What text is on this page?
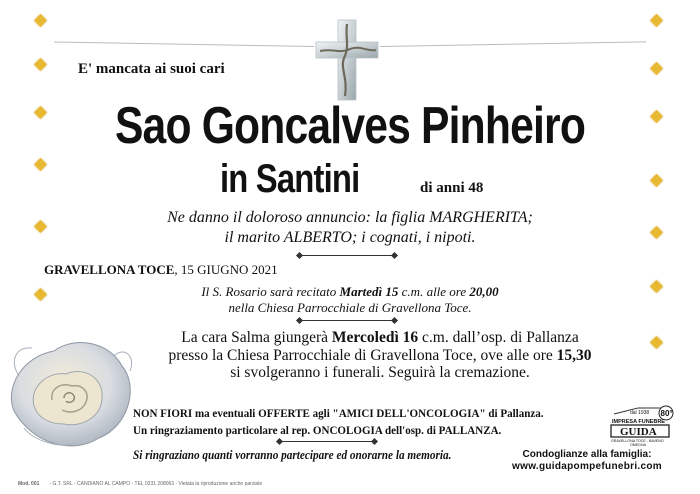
E' mancata ai suoi cari
Sao Goncalves Pinheiro
in Santini	di anni 48
Ne danno il doloroso annuncio: la figlia MARGHERITA;
il marito ALBERTO; i cognati, i nipoti.
GRAVELLONA TOCE, 15 GIUGNO 2021
Il S. Rosario sarà recitato Martedì 15 c.m. alle ore 20,00
nella Chiesa Parrocchiale di Gravellona Toce.
La cara Salma giungerà Mercoledì 16 c.m. dall’osp. di Pallanza
presso la Chiesa Parrocchiale di Gravellona Toce, ove alle ore 15,30
si svolgeranno i funerali. Seguirà la cremazione.
NON FIORI ma eventuali OFFERTE agli "AMICI DELL'ONCOLOGIA" di Pallanza.
Un ringraziamento particolare al rep. ONCOLOGIA dell'osp. di PALLANZA.
Si ringraziano quanti vorranno partecipare ed onorarne la memoria.
dal 1938 80°
IMPRESA FUNEBRE
GUIDA
GRAVELLONA TOCE - BAVENO
OMEGNA
Condoglianze alla famiglia:
www.guidapompefunebri.com
Mod. 001 - G.T. SRL - CANDIANO AL CAMPO - TEL 0331 208063 - Vietata la riproduzione anche parziale
